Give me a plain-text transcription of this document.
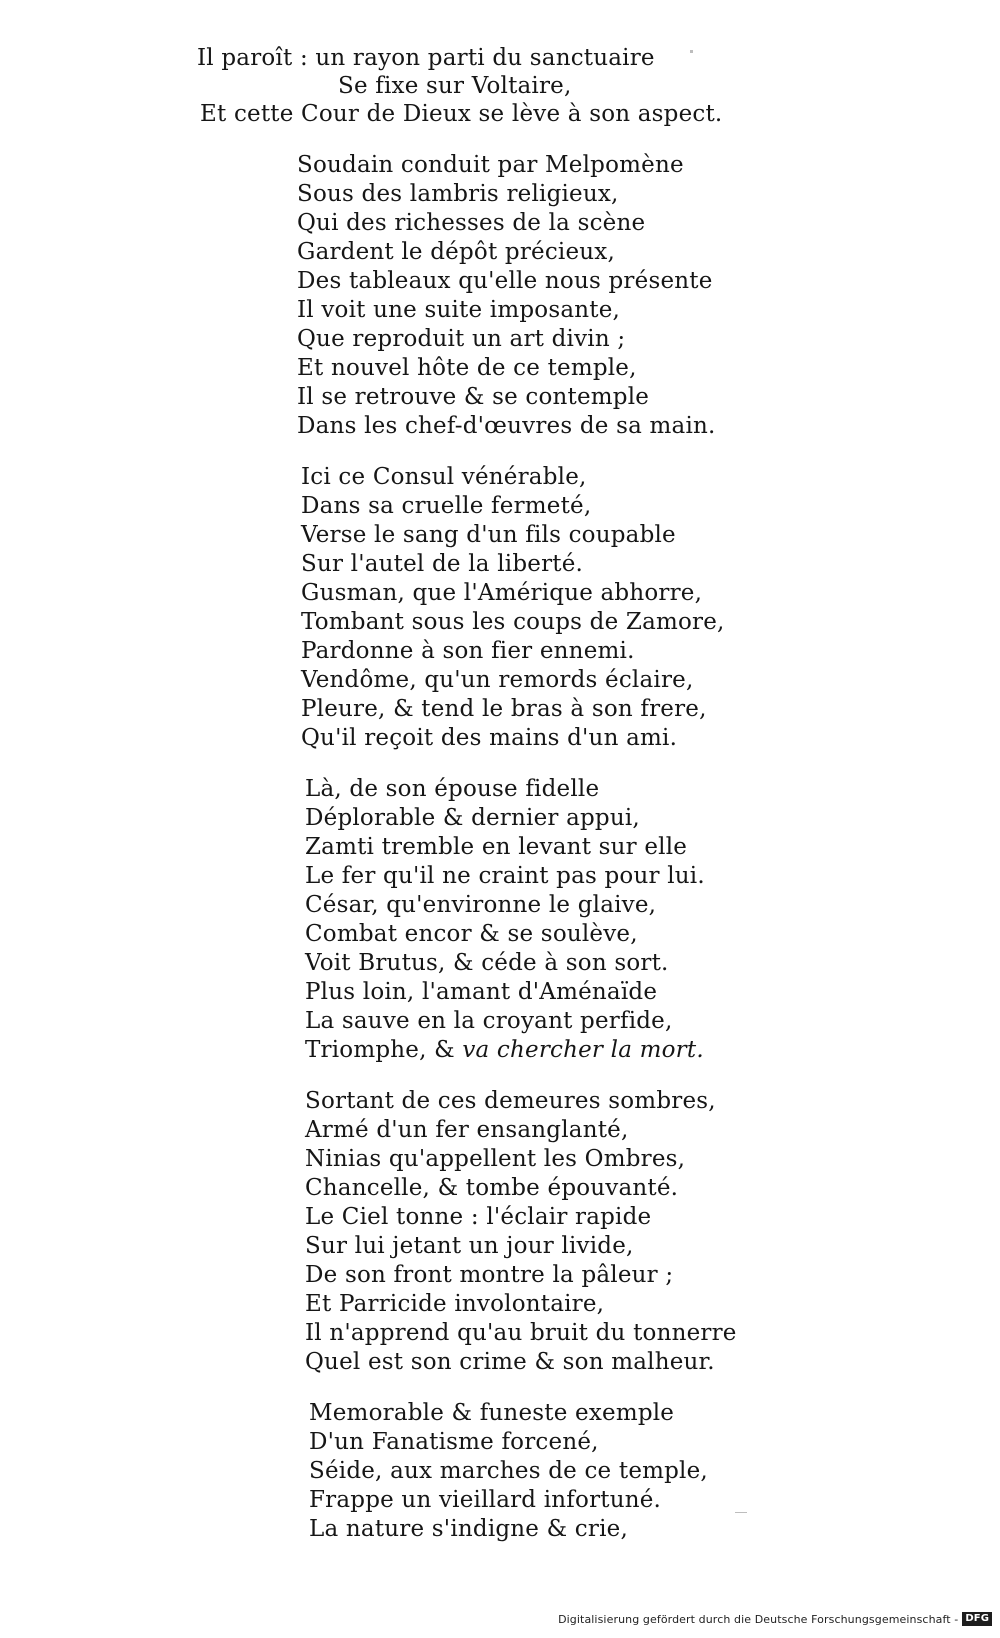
Il paroît : un rayon parti du sanctuaire
Se fixe sur Voltaire,
Et cette Cour de Dieux se lève à son aspect.
Soudain conduit par Melpomène
Sous des lambris religieux,
Qui des richesses de la scène
Gardent le dépôt précieux,
Des tableaux qu'elle nous présente
Il voit une suite imposante,
Que reproduit un art divin ;
Et nouvel hôte de ce temple,
Il se retrouve & se contemple
Dans les chef-d'œuvres de sa main.
Ici ce Consul vénérable,
Dans sa cruelle fermeté,
Verse le sang d'un fils coupable
Sur l'autel de la liberté.
Gusman, que l'Amérique abhorre,
Tombant sous les coups de Zamore,
Pardonne à son fier ennemi.
Vendôme, qu'un remords éclaire,
Pleure, & tend le bras à son frere,
Qu'il reçoit des mains d'un ami.
Là, de son épouse fidelle
Déplorable & dernier appui,
Zamti tremble en levant sur elle
Le fer qu'il ne craint pas pour lui.
César, qu'environne le glaive,
Combat encor & se soulève,
Voit Brutus, & céde à son sort.
Plus loin, l'amant d'Aménaïde
La sauve en la croyant perfide,
Triomphe, & va chercher la mort.
Sortant de ces demeures sombres,
Armé d'un fer ensanglanté,
Ninias qu'appellent les Ombres,
Chancelle, & tombe épouvanté.
Le Ciel tonne : l'éclair rapide
Sur lui jetant un jour livide,
De son front montre la pâleur ;
Et Parricide involontaire,
Il n'apprend qu'au bruit du tonnerre
Quel est son crime & son malheur.
Memorable & funeste exemple
D'un Fanatisme forcené,
Séide, aux marches de ce temple,
Frappe un vieillard infortuné.
La nature s'indigne & crie,
Digitalisierung gefördert durch die Deutsche Forschungsgemeinschaft - DFG
